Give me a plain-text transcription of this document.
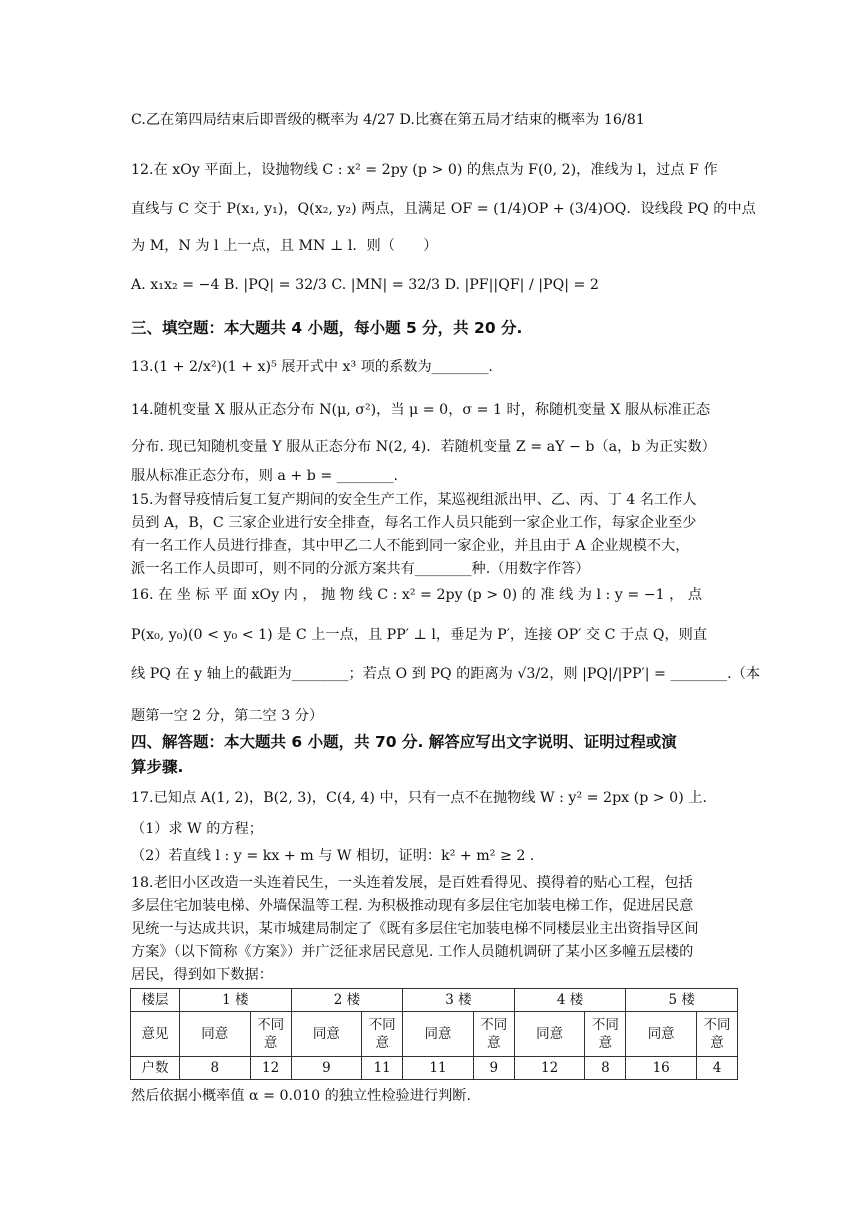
C.乙在第四局结束后即晋级的概率为 4/27 D.比赛在第五局才结束的概率为 16/81
12.在 xOy 平面上，设抛物线 C : x² = 2py (p > 0) 的焦点为 F(0, 2)，准线为 l，过点 F 作
直线与 C 交于 P(x₁, y₁)，Q(x₂, y₂) 两点，且满足 OF = (1/4)OP + (3/4)OQ．设线段 PQ 的中点
为 M，N 为 l 上一点，且 MN ⊥ l．则（　　）
A. x₁x₂ = −4 B. |PQ| = 32/3 C. |MN| = 32/3 D. |PF||QF| / |PQ| = 2
三、填空题：本大题共 4 小题，每小题 5 分，共 20 分.
13.(1 + 2/x²)(1 + x)⁵ 展开式中 x³ 项的系数为________.
14.随机变量 X 服从正态分布 N(μ, σ²)，当 μ = 0，σ = 1 时，称随机变量 X 服从标准正态
分布. 现已知随机变量 Y 服从正态分布 N(2, 4)．若随机变量 Z = aY − b（a，b 为正实数）
服从标准正态分布，则 a + b = ________.
15.为督导疫情后复工复产期间的安全生产工作，某巡视组派出甲、乙、丙、丁 4 名工作人
员到 A，B，C 三家企业进行安全排查，每名工作人员只能到一家企业工作，每家企业至少
有一名工作人员进行排查，其中甲乙二人不能到同一家企业，并且由于 A 企业规模不大，
派一名工作人员即可，则不同的分派方案共有________种.（用数字作答）
16. 在 坐 标 平 面 xOy 内 ， 抛 物 线 C : x² = 2py (p > 0) 的 准 线 为 l : y = −1 ， 点
P(x₀, y₀)(0 < y₀ < 1) 是 C 上一点，且 PP′ ⊥ l，垂足为 P′，连接 OP′ 交 C 于点 Q，则直
线 PQ 在 y 轴上的截距为________；若点 O 到 PQ 的距离为 √3/2，则 |PQ|/|PP′| = ________.（本
题第一空 2 分，第二空 3 分）
四、解答题：本大题共 6 小题，共 70 分. 解答应写出文字说明、证明过程或演
算步骤.
17.已知点 A(1, 2)，B(2, 3)，C(4, 4) 中，只有一点不在抛物线 W : y² = 2px (p > 0) 上.
（1）求 W 的方程；
（2）若直线 l : y = kx + m 与 W 相切，证明：k² + m² ≥ 2 .
18.老旧小区改造一头连着民生，一头连着发展，是百姓看得见、摸得着的贴心工程，包括
多层住宅加装电梯、外墙保温等工程. 为积极推动现有多层住宅加装电梯工作，促进居民意
见统一与达成共识，某市城建局制定了《既有多层住宅加装电梯不同楼层业主出资指导区间
方案》（以下简称《方案》）并广泛征求居民意见. 工作人员随机调研了某小区多幢五层楼的
居民，得到如下数据：
楼层	1 楼		2 楼		3 楼		4 楼		5 楼	
意见	同意	不同意	同意	不同意	同意	不同意	同意	不同意	同意	不同意
户数	8	12	9	11	11	9	12	8	16	4
然后依据小概率值 α = 0.010 的独立性检验进行判断.
